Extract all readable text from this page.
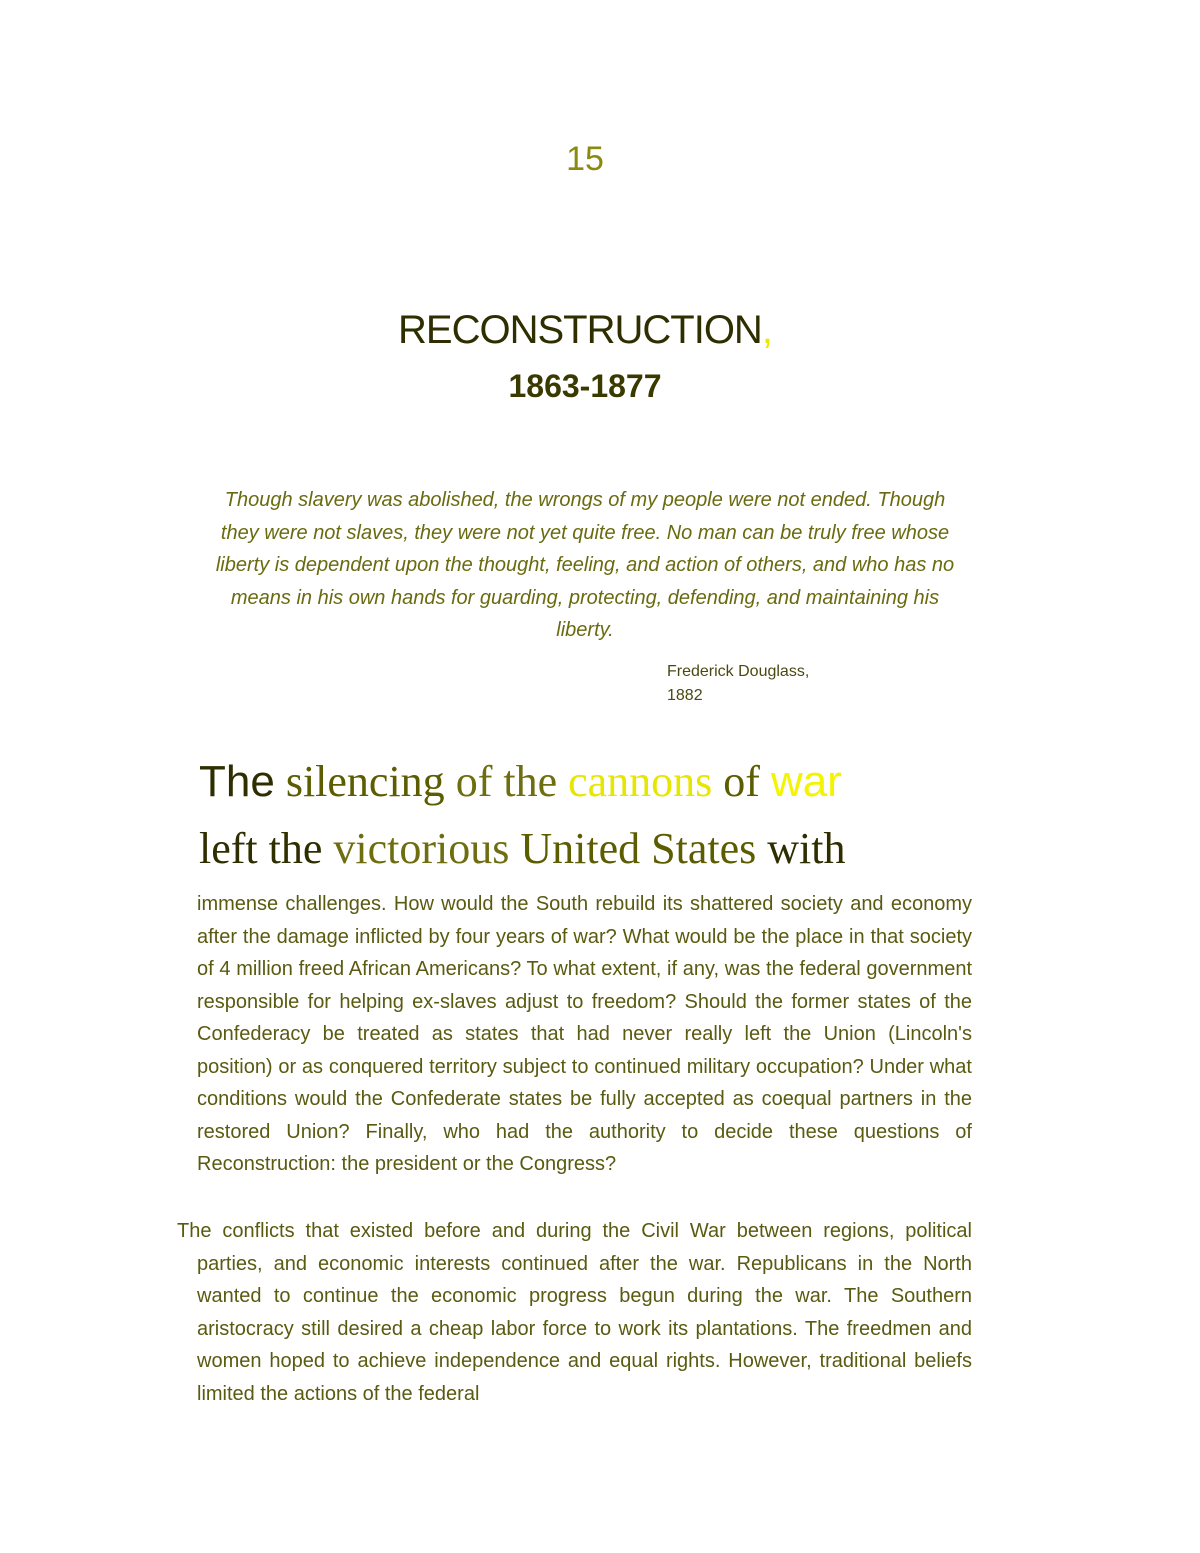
15
RECONSTRUCTION,
1863-1877
Though slavery was abolished, the wrongs of my people were not ended. Though they were not slaves, they were not yet quite free. No man can be truly free whose liberty is dependent upon the thought, feeling, and action of others, and who has no means in his own hands for guarding, protecting, defending, and maintaining his liberty.
Frederick Douglass,
1882
The silencing of the cannons of war
left the victorious United States with
immense challenges. How would the South rebuild its shattered society and economy after the damage inflicted by four years of war? What would be the place in that society of 4 million freed African Americans? To what extent, if any, was the federal government responsible for helping ex-slaves adjust to freedom? Should the former states of the Confederacy be treated as states that had never really left the Union (Lincoln's position) or as conquered territory subject to continued military occupation? Under what conditions would the Confederate states be fully accepted as coequal partners in the restored Union? Finally, who had the authority to decide these questions of Reconstruction: the president or the Congress?
The conflicts that existed before and during the Civil War between regions, political parties, and economic interests continued after the war. Republicans in the North wanted to continue the economic progress begun during the war. The Southern aristocracy still desired a cheap labor force to work its plantations. The freedmen and women hoped to achieve independence and equal rights. However, traditional beliefs limited the actions of the federal
